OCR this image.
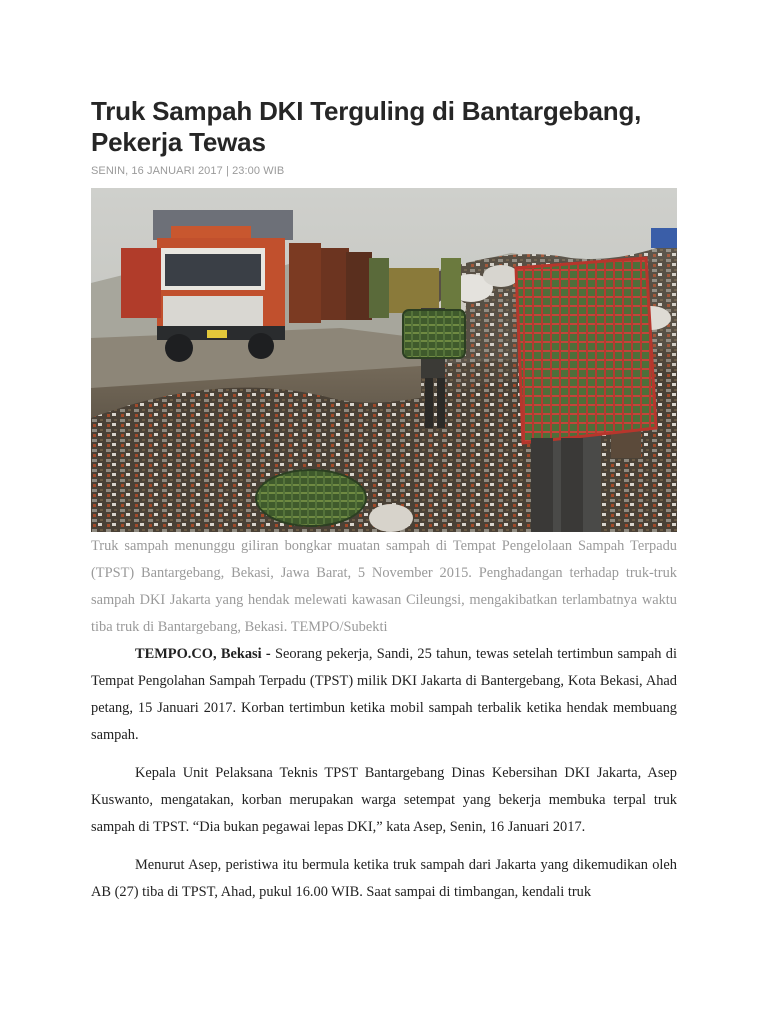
Truk Sampah DKI Terguling di Bantargebang, Pekerja Tewas
SENIN, 16 JANUARI 2017 | 23:00 WIB
Truk sampah menunggu giliran bongkar muatan sampah di Tempat Pengelolaan Sampah Terpadu (TPST) Bantargebang, Bekasi, Jawa Barat, 5 November 2015. Penghadangan terhadap truk-truk sampah DKI Jakarta yang hendak melewati kawasan Cileungsi, mengakibatkan terlambatnya waktu tiba truk di Bantargebang, Bekasi. TEMPO/Subekti

TEMPO.CO, Bekasi - Seorang pekerja, Sandi, 25 tahun, tewas setelah tertimbun sampah di Tempat Pengolahan Sampah Terpadu (TPST) milik DKI Jakarta di Bantergebang, Kota Bekasi, Ahad petang, 15 Januari 2017. Korban tertimbun ketika mobil sampah terbalik ketika hendak membuang sampah.

Kepala Unit Pelaksana Teknis TPST Bantargebang Dinas Kebersihan DKI Jakarta, Asep Kuswanto, mengatakan, korban merupakan warga setempat yang bekerja membuka terpal truk sampah di TPST. “Dia bukan pegawai lepas DKI,” kata Asep, Senin, 16 Januari 2017.

Menurut Asep, peristiwa itu bermula ketika truk sampah dari Jakarta yang dikemudikan oleh AB (27) tiba di TPST, Ahad, pukul 16.00 WIB. Saat sampai di timbangan, kendali truk
